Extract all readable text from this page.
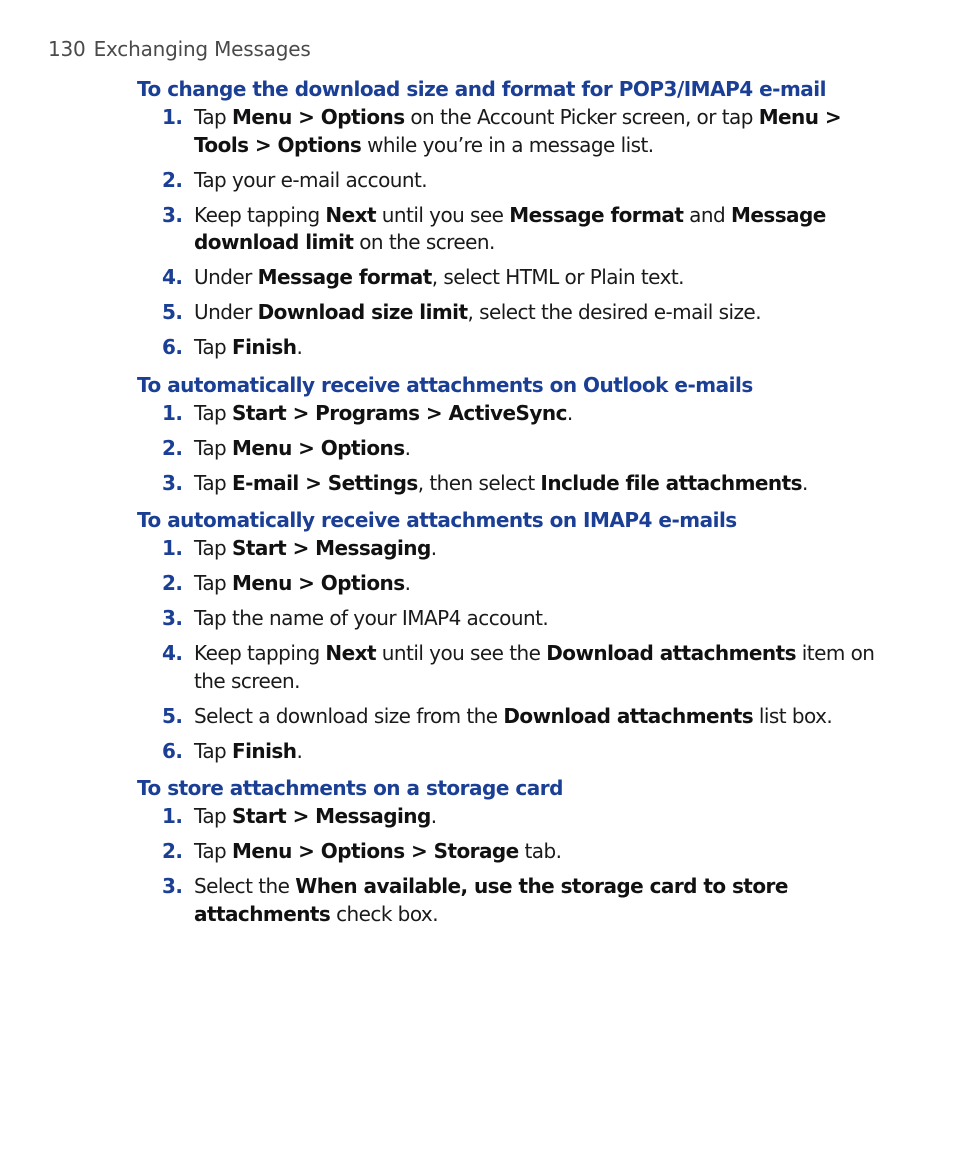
130 Exchanging Messages
To change the download size and format for POP3/IMAP4 e-mail
1. Tap Menu > Options on the Account Picker screen, or tap Menu > Tools > Options while you’re in a message list.
2. Tap your e-mail account.
3. Keep tapping Next until you see Message format and Message download limit on the screen.
4. Under Message format, select HTML or Plain text.
5. Under Download size limit, select the desired e-mail size.
6. Tap Finish.
To automatically receive attachments on Outlook e-mails
1. Tap Start > Programs > ActiveSync.
2. Tap Menu > Options.
3. Tap E-mail > Settings, then select Include file attachments.
To automatically receive attachments on IMAP4 e-mails
1. Tap Start > Messaging.
2. Tap Menu > Options.
3. Tap the name of your IMAP4 account.
4. Keep tapping Next until you see the Download attachments item on the screen.
5. Select a download size from the Download attachments list box.
6. Tap Finish.
To store attachments on a storage card
1. Tap Start > Messaging.
2. Tap Menu > Options > Storage tab.
3. Select the When available, use the storage card to store attachments check box.
